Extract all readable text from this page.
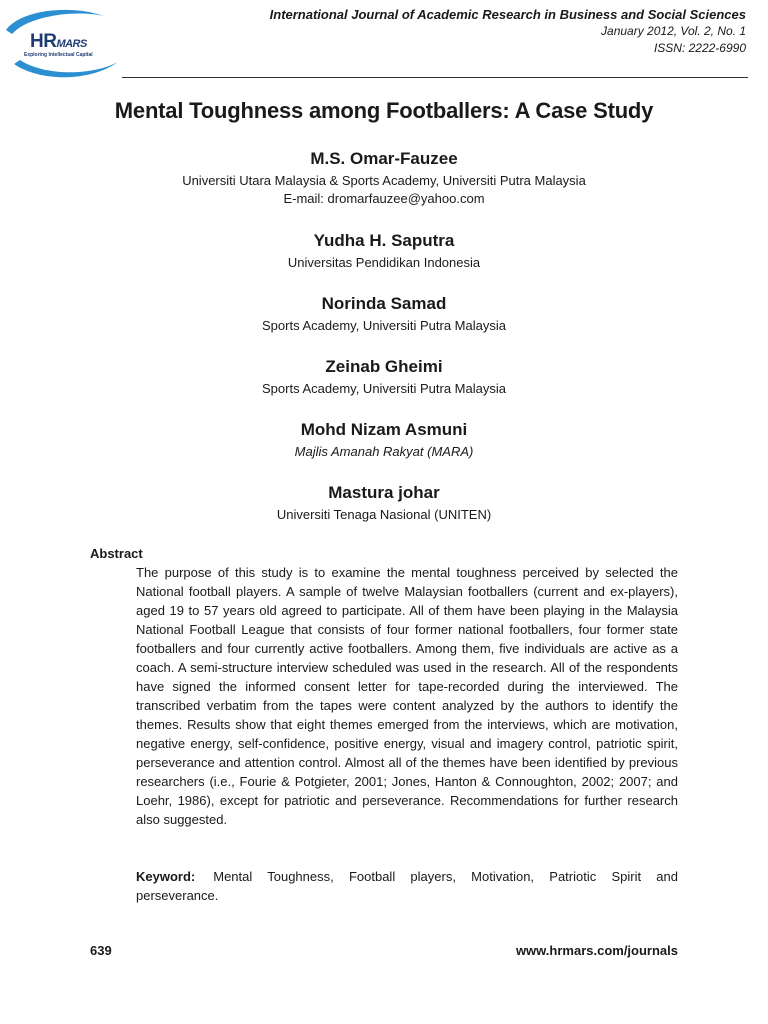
HRMARS
Exploring Intellectual Capital
International Journal of Academic Research in Business and Social Sciences
January 2012, Vol. 2, No. 1
ISSN: 2222-6990
Mental Toughness among Footballers: A Case Study
M.S. Omar-Fauzee
Universiti Utara Malaysia & Sports Academy, Universiti Putra Malaysia
E-mail: dromarfauzee@yahoo.com
Yudha H. Saputra
Universitas Pendidikan Indonesia
Norinda Samad
Sports Academy, Universiti Putra Malaysia
Zeinab Gheimi
Sports Academy, Universiti Putra Malaysia
Mohd Nizam Asmuni
Majlis Amanah Rakyat (MARA)
Mastura johar
Universiti Tenaga Nasional (UNITEN)
Abstract
The purpose of this study is to examine the mental toughness perceived by selected the National football players. A sample of twelve Malaysian footballers (current and ex-players), aged 19 to 57 years old agreed to participate. All of them have been playing in the Malaysia National Football League that consists of four former national footballers, four former state footballers and four currently active footballers. Among them, five individuals are active as a coach. A semi-structure interview scheduled was used in the research. All of the respondents have signed the informed consent letter for tape-recorded during the interviewed. The transcribed verbatim from the tapes were content analyzed by the authors to identify the themes. Results show that eight themes emerged from the interviews, which are motivation, negative energy, self-confidence, positive energy, visual and imagery control, patriotic spirit, perseverance and attention control. Almost all of the themes have been identified by previous researchers (i.e., Fourie & Potgieter, 2001; Jones, Hanton & Connoughton, 2002; 2007; and Loehr, 1986), except for patriotic and perseverance. Recommendations for further research also suggested.
Keyword: Mental Toughness, Football players, Motivation, Patriotic Spirit and perseverance.
639	www.hrmars.com/journals
